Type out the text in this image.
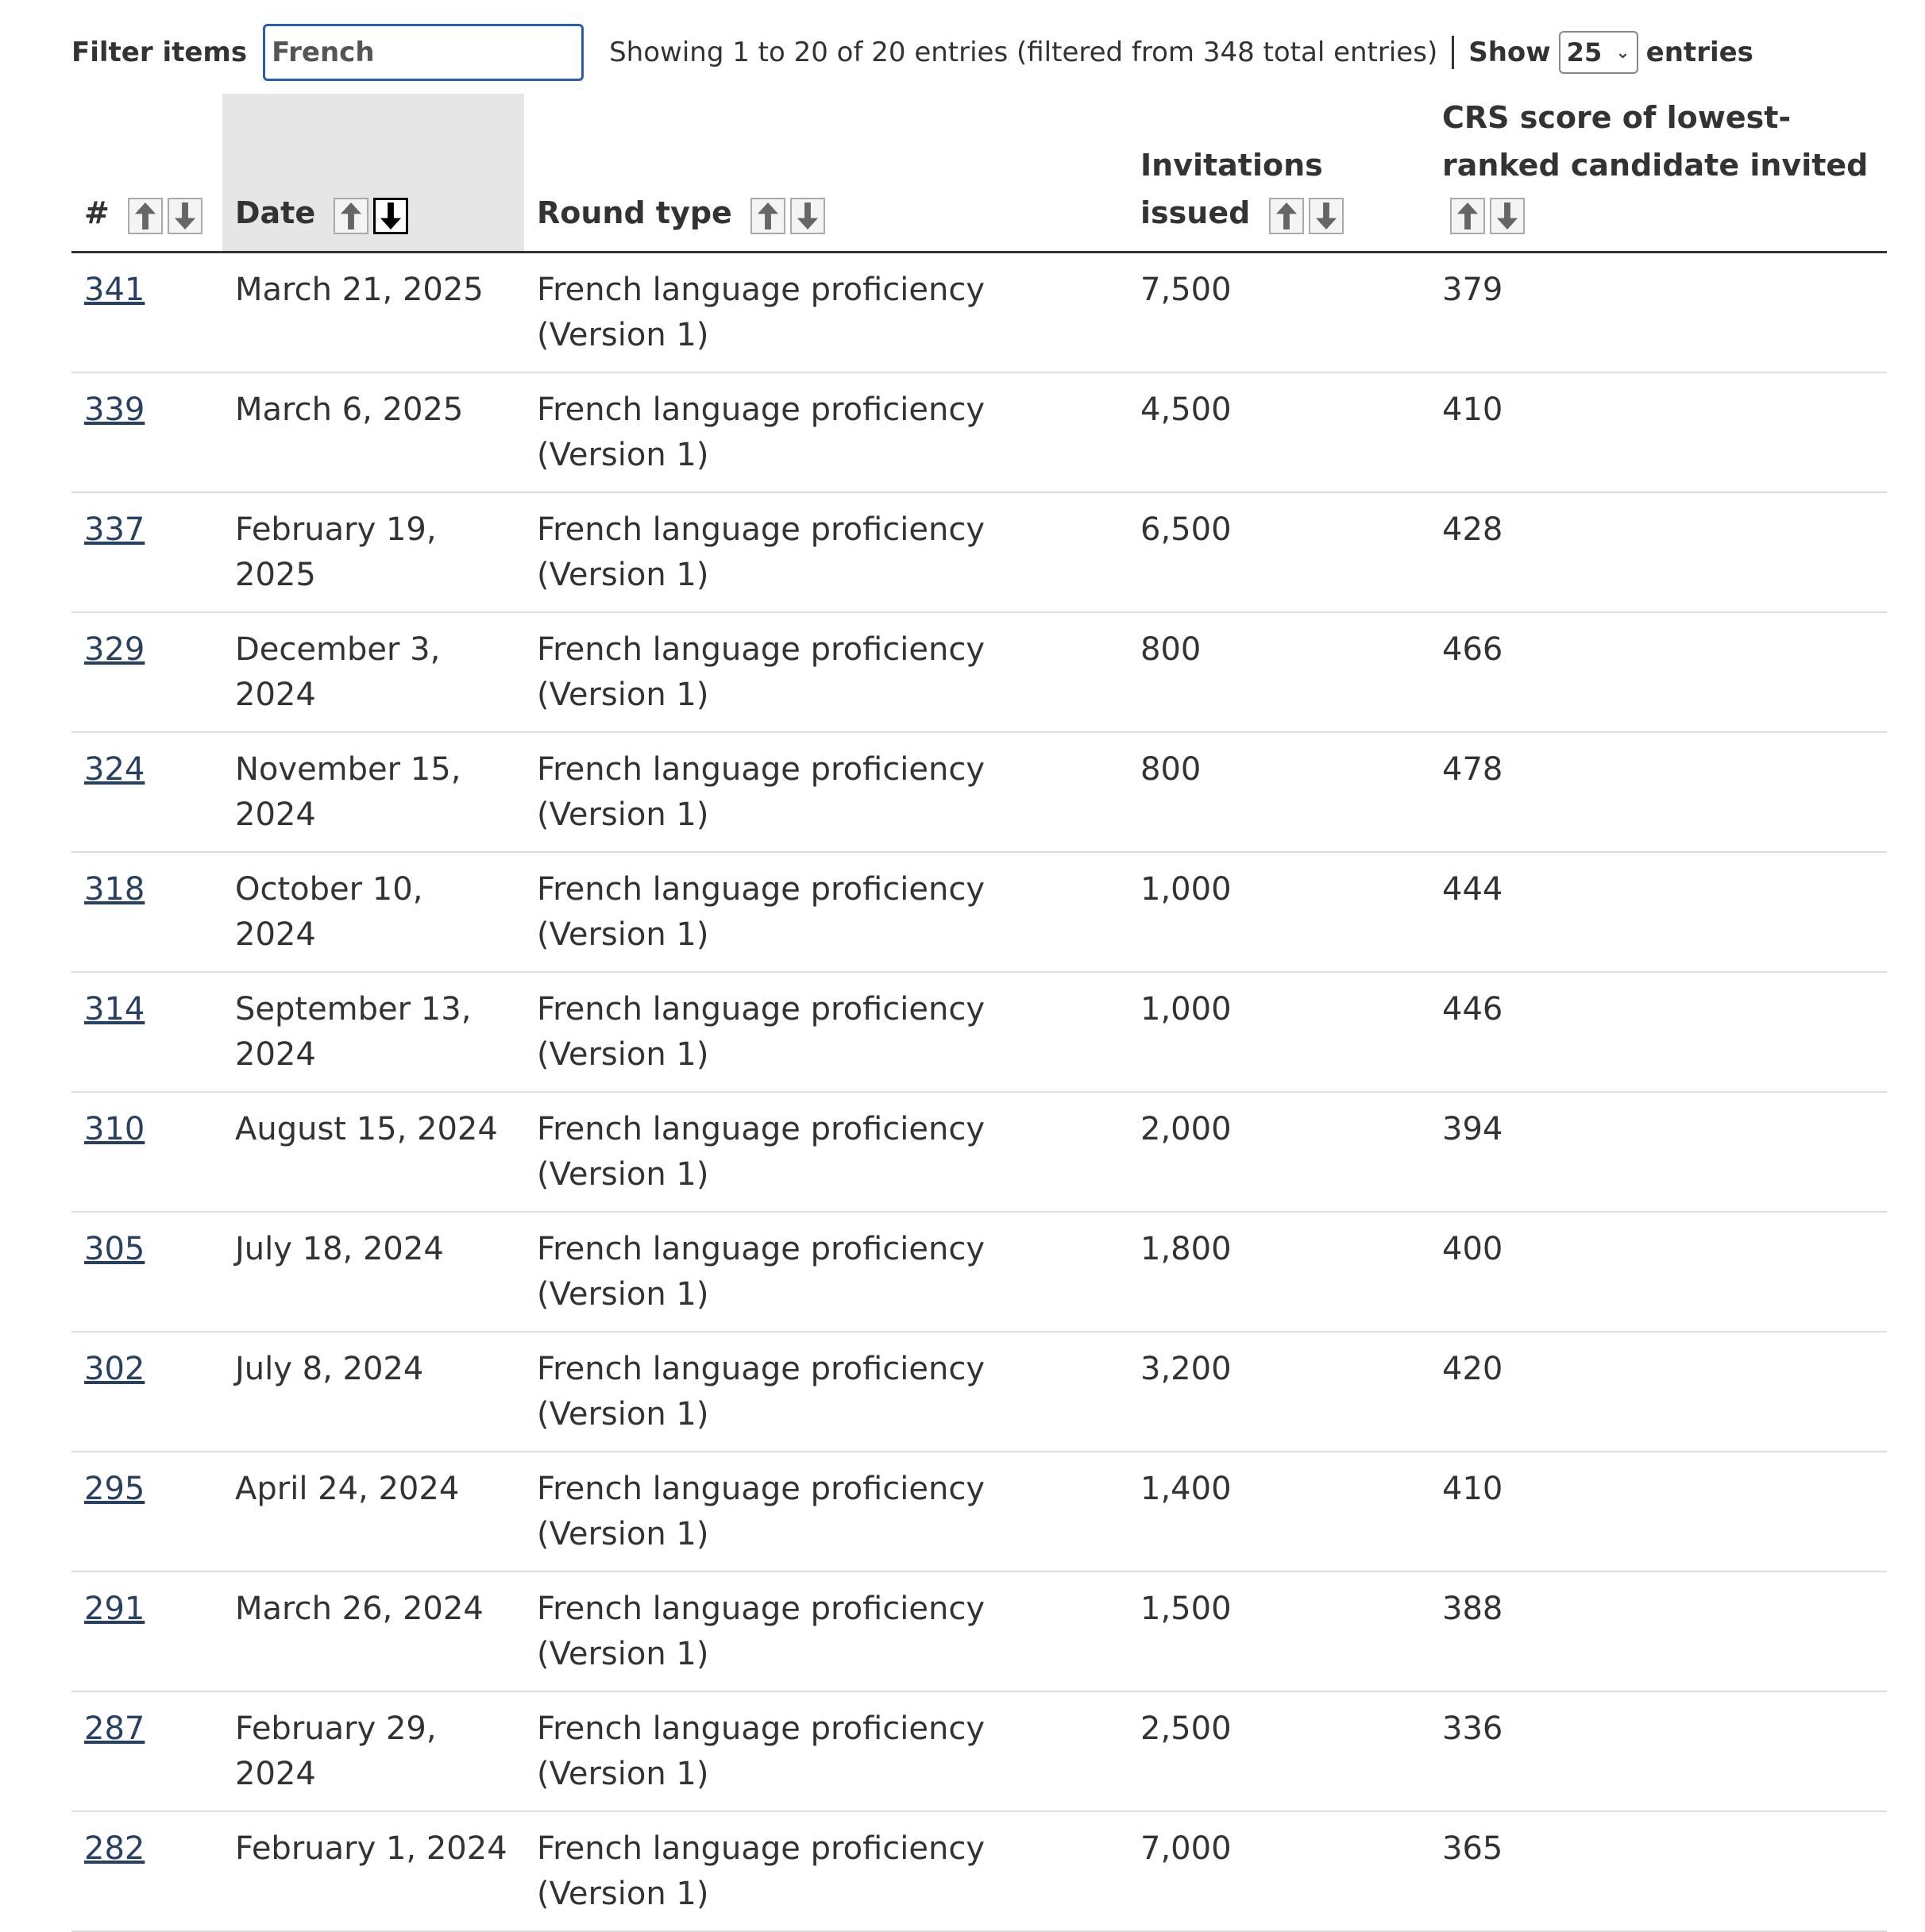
Filter items
French	Showing 1 to 20 of 20 entries (filtered from 348 total entries) Show 25 ⌄ entries
#	Date	Round type	Invitations issued	CRS score of lowest-ranked candidate invited

341	March 21, 2025	French language proficiency (Version 1)	7,500	379
339	March 6, 2025	French language proficiency (Version 1)	4,500	410
337	February 19, 2025	French language proficiency (Version 1)	6,500	428
329	December 3, 2024	French language proficiency (Version 1)	800	466
324	November 15, 2024	French language proficiency (Version 1)	800	478
318	October 10, 2024	French language proficiency (Version 1)	1,000	444
314	September 13, 2024	French language proficiency (Version 1)	1,000	446
310	August 15, 2024	French language proficiency (Version 1)	2,000	394
305	July 18, 2024	French language proficiency (Version 1)	1,800	400
302	July 8, 2024	French language proficiency (Version 1)	3,200	420
295	April 24, 2024	French language proficiency (Version 1)	1,400	410
291	March 26, 2024	French language proficiency (Version 1)	1,500	388
287	February 29, 2024	French language proficiency (Version 1)	2,500	336
282	February 1, 2024	French language proficiency (Version 1)	7,000	365
